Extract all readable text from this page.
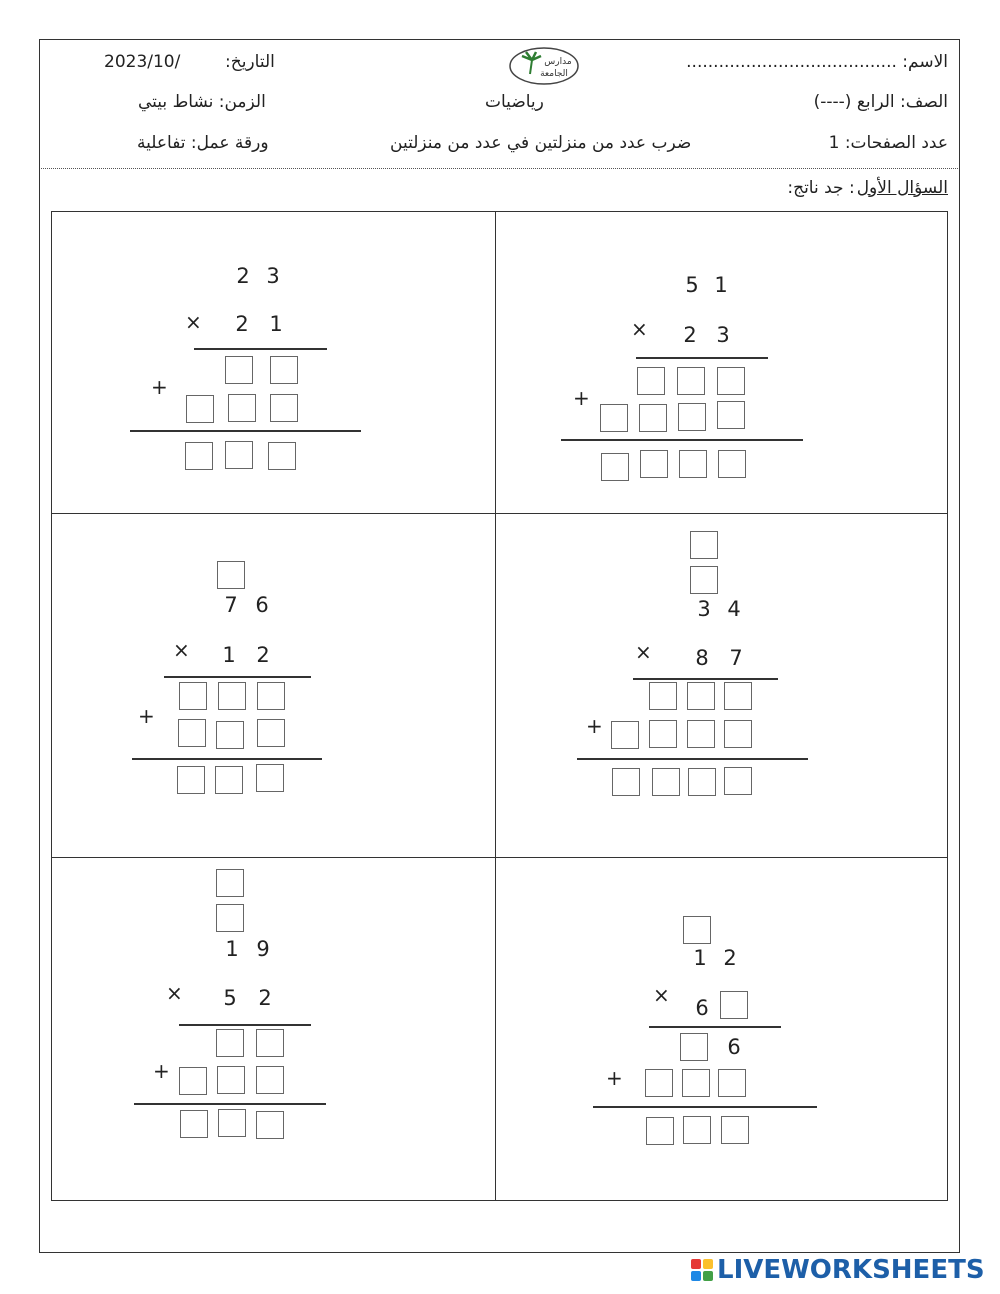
الاسم: .......................................
الصف: الرابع (----)
عدد الصفحات: 1
مدارس
الجامعة
رياضيات
ضرب عدد من منزلتين في عدد من منزلتين
التاريخ:
2023/10/
الزمن: نشاط بيتي
ورقة عمل: تفاعلية
السؤال الأول
: جد ناتج:
5 1
× 2 3
+
2 3
× 2 1
+
3 4
× 8 7
+
7 6
× 1 2
+
1 2
×
6
6
+
1 9
× 5 2
+
LIVEWORKSHEETS
